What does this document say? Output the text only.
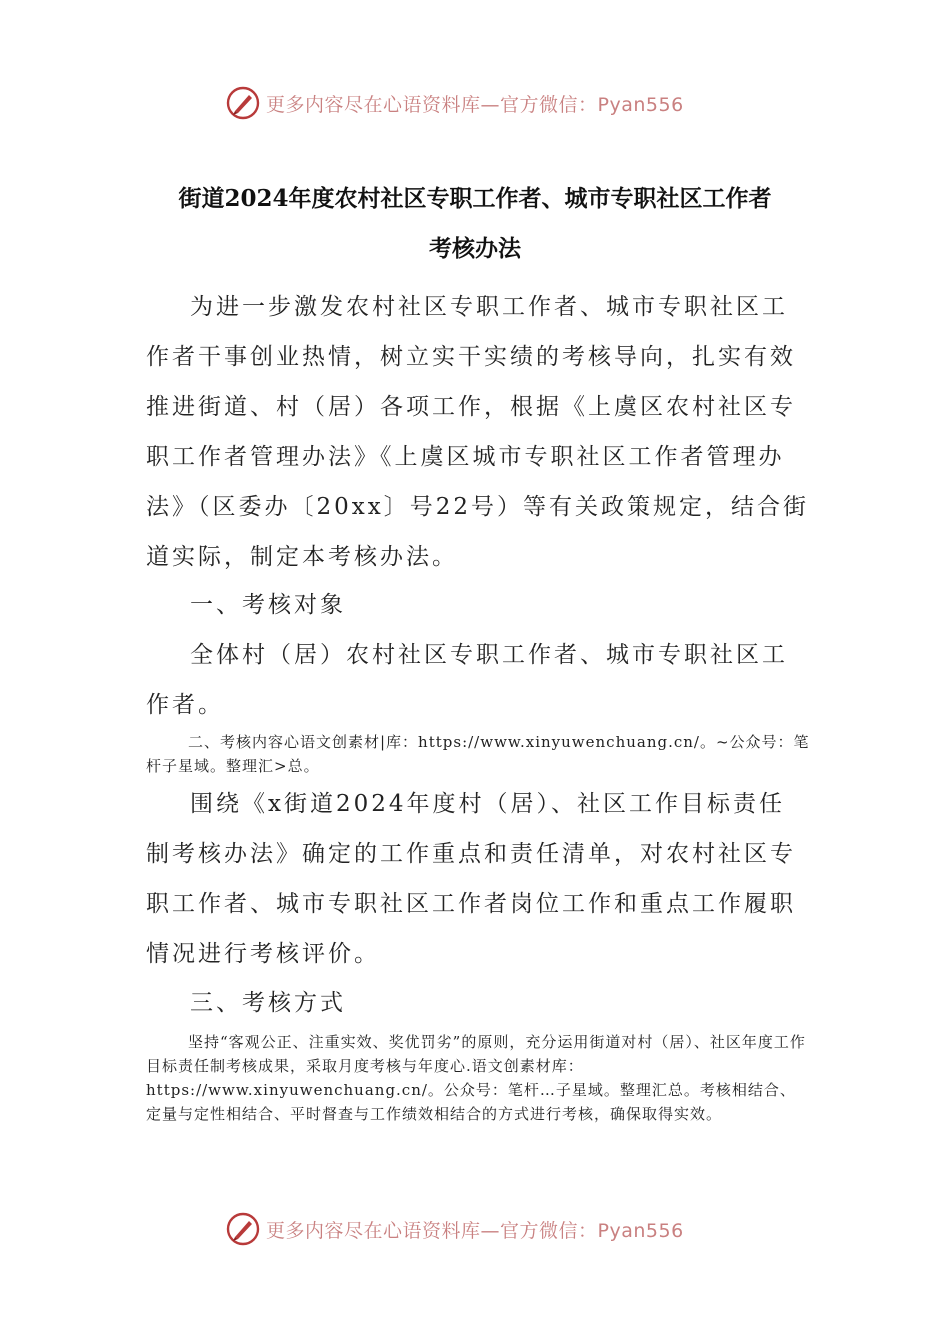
更多内容尽在心语资料库—官方微信：Pyan556
街道2024年度农村社区专职工作者、城市专职社区工作者
考核办法

为进一步激发农村社区专职工作者、城市专职社区工作者干事创业热情，树立实干实绩的考核导向，扎实有效推进街道、村（居）各项工作，根据《上虞区农村社区专职工作者管理办法》《上虞区城市专职社区工作者管理办法》（区委办〔20xx〕号22号）等有关政策规定，结合街道实际，制定本考核办法。

一、考核对象

全体村（居）农村社区专职工作者、城市专职社区工作者。

二、考核内容心语文创素材|库：https://www.xinyuwenchuang.cn/。~公众号：笔杆子星域。整理汇>总。

围绕《x街道2024年度村（居）、社区工作目标责任制考核办法》确定的工作重点和责任清单，对农村社区专职工作者、城市专职社区工作者岗位工作和重点工作履职情况进行考核评价。

三、考核方式

坚持“客观公正、注重实效、奖优罚劣”的原则，充分运用街道对村（居）、社区年度工作目标责任制考核成果，采取月度考核与年度心.语文创素材库：https://www.xinyuwenchuang.cn/。公众号：笔杆…子星域。整理汇总。考核相结合、定量与定性相结合、平时督查与工作绩效相结合的方式进行考核，确保取得实效。

更多内容尽在心语资料库—官方微信：Pyan556
